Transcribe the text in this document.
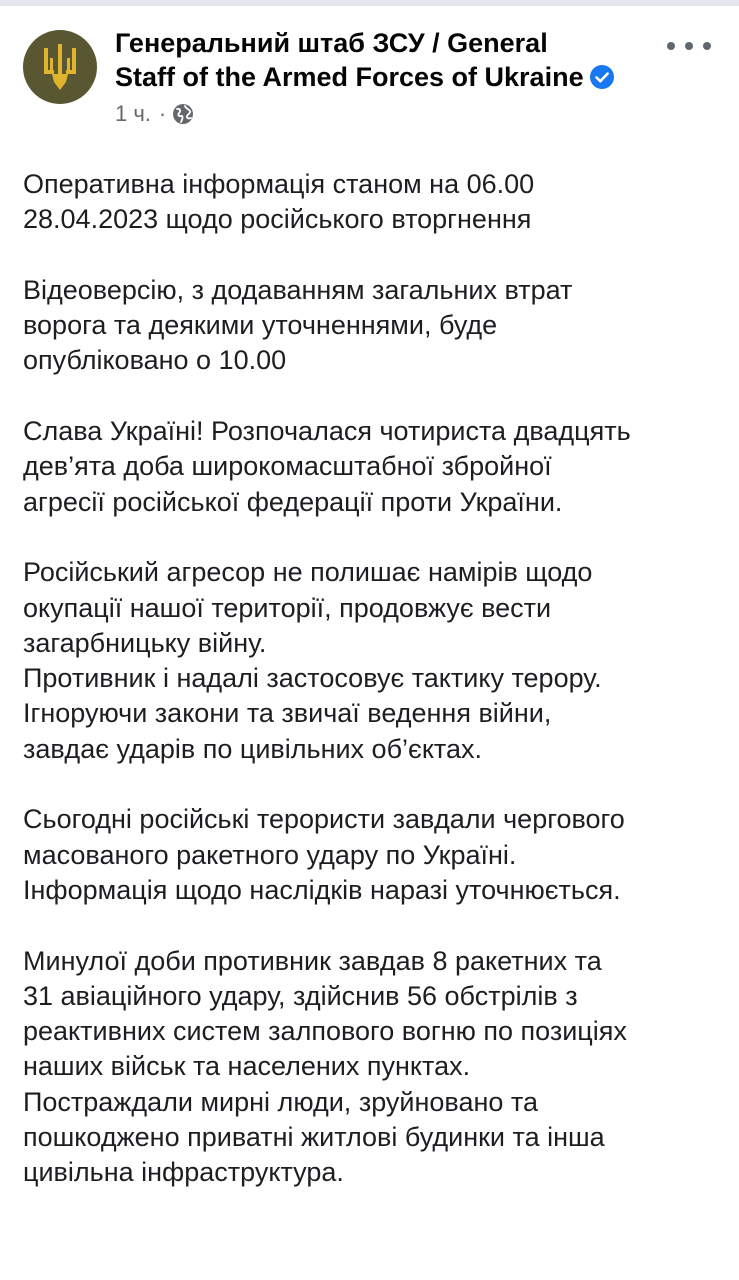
Генеральний штаб ЗСУ / General
Staff of the Armed Forces of Ukraine
1 ч. ·
Оперативна інформація станом на 06.00
28.04.2023 щодо російського вторгнення
Відеоверсію, з додаванням загальних втрат
ворога та деякими уточненнями, буде
опубліковано о 10.00
Слава Україні! Розпочалася чотириста двадцять
дев’ята доба широкомасштабної збройної
агресії російської федерації проти України.
Російський агресор не полишає намірів щодо
окупації нашої території, продовжує вести
загарбницьку війну.
Противник і надалі застосовує тактику терору.
Ігноруючи закони та звичаї ведення війни,
завдає ударів по цивільних об’єктах.
Сьогодні російські терористи завдали чергового
масованого ракетного удару по Україні.
Інформація щодо наслідків наразі уточнюється.
Минулої доби противник завдав 8 ракетних та
31 авіаційного удару, здійснив 56 обстрілів з
реактивних систем залпового вогню по позиціях
наших військ та населених пунктах.
Постраждали мирні люди, зруйновано та
пошкоджено приватні житлові будинки та інша
цивільна інфраструктура.
